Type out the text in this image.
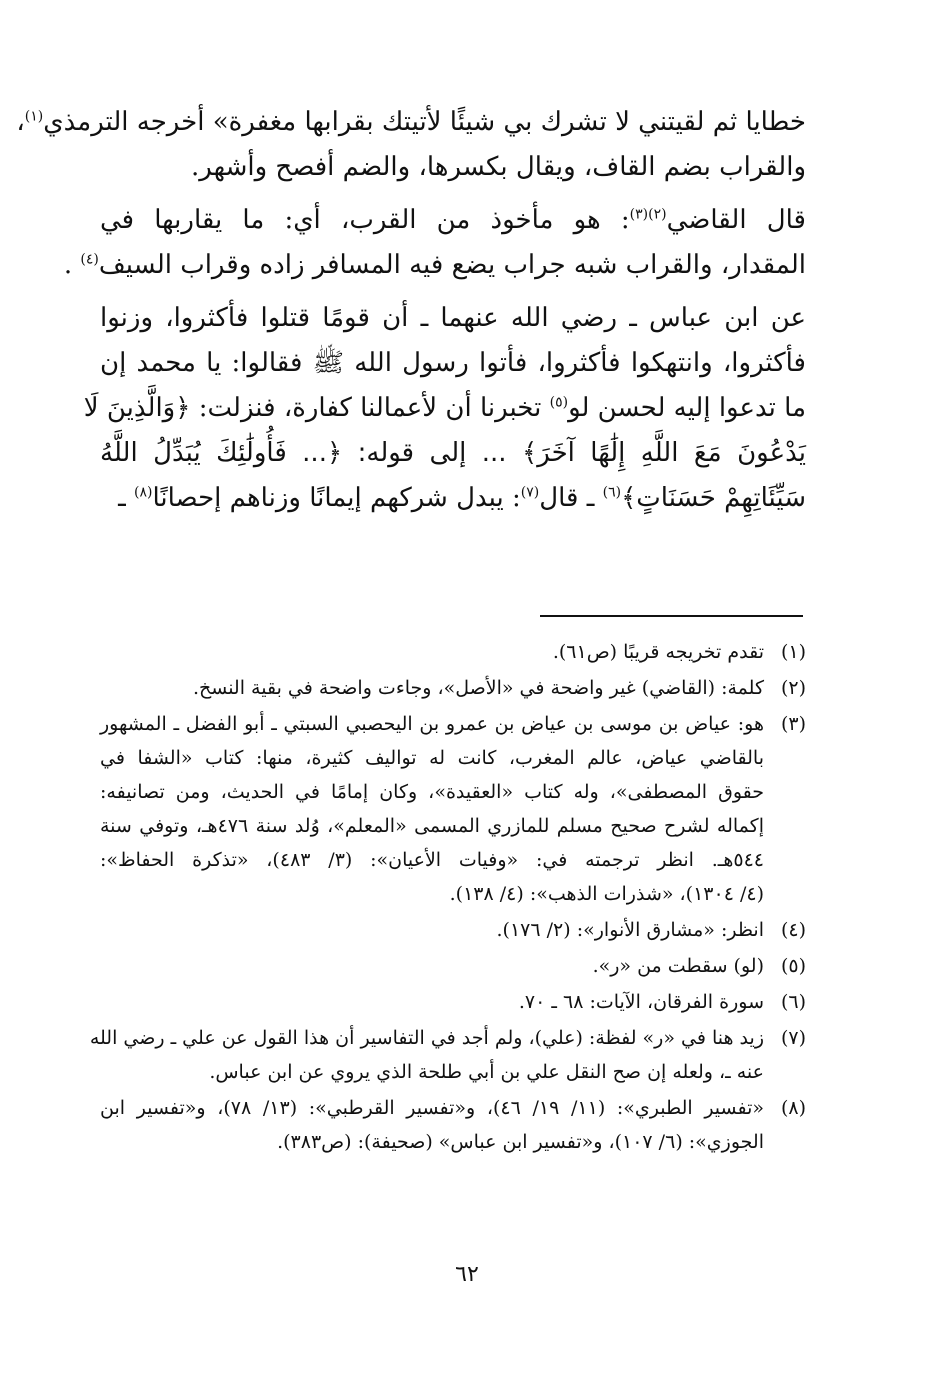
خطايا ثم لقيتني لا تشرك بي شيئًا لأتيتك بقرابها مغفرة» أخرجه الترمذي$^{(١)}$،
والقراب بضم القاف، ويقال بكسرها، والضم أفصح وأشهر.
قال القاضي$^{(٢)(٣)}$: هو مأخوذ من القرب، أي: ما يقاربها في
المقدار، والقراب شبه جراب يضع فيه المسافر زاده وقراب السيف$^{(٤)}$ .
عن ابن عباس ـ رضي الله عنهما ـ أن قومًا قتلوا فأكثروا، وزنوا
فأكثروا، وانتهكوا فأكثروا، فأتوا رسول الله ﷺ فقالوا: يا محمد إن
ما تدعوا إليه لحسن لو$^{(٥)}$ تخبرنا أن لأعمالنا كفارة، فنزلت: ﴿وَالَّذِينَ لَا
يَدْعُونَ مَعَ اللَّهِ إِلَٰهًا آخَرَ﴾ ... إلى قوله: ﴿... فَأُولَٰئِكَ يُبَدِّلُ اللَّهُ
سَيِّئَاتِهِمْ حَسَنَاتٍ﴾$^{(٦)}$ ـ قال$^{(٧)}$: يبدل شركهم إيمانًا وزناهم إحصانًا$^{(٨)}$ ـ
(١)
تقدم تخريجه قريبًا (ص٦١).
(٢)
كلمة: (القاضي) غير واضحة في «الأصل»، وجاءت واضحة في بقية النسخ.
(٣)
هو: عياض بن موسى بن عياض بن عمرو بن اليحصبي السبتي ـ أبو الفضل ـ المشهور
بالقاضي عياض، عالم المغرب، كانت له تواليف كثيرة، منها: كتاب «الشفا في
حقوق المصطفى»، وله كتاب «العقيدة»، وكان إمامًا في الحديث، ومن تصانيفه:
إكماله لشرح صحيح مسلم للمازري المسمى «المعلم»، وُلد سنة ٤٧٦هـ، وتوفي سنة
٥٤٤هـ. انظر ترجمته في: «وفيات الأعيان»: (٣/ ٤٨٣)، «تذكرة الحفاظ»:
(٤/ ١٣٠٤)، «شذرات الذهب»: (٤/ ١٣٨).
(٤)
انظر: «مشارق الأنوار»: (٢/ ١٧٦).
(٥)
(لو) سقطت من «ر».
(٦)
سورة الفرقان، الآيات: ٦٨ ـ ٧٠.
(٧)
زيد هنا في «ر» لفظة: (علي)، ولم أجد في التفاسير أن هذا القول عن علي ـ رضي الله
عنه ـ، ولعله إن صح النقل علي بن أبي طلحة الذي يروي عن ابن عباس.
(٨)
«تفسير الطبري»: (١١/ ١٩/ ٤٦)، و«تفسير القرطبي»: (١٣/ ٧٨)، و«تفسير ابن
الجوزي»: (٦/ ١٠٧)، و«تفسير ابن عباس» (صحيفة): (ص٣٨٣).
٦٢
